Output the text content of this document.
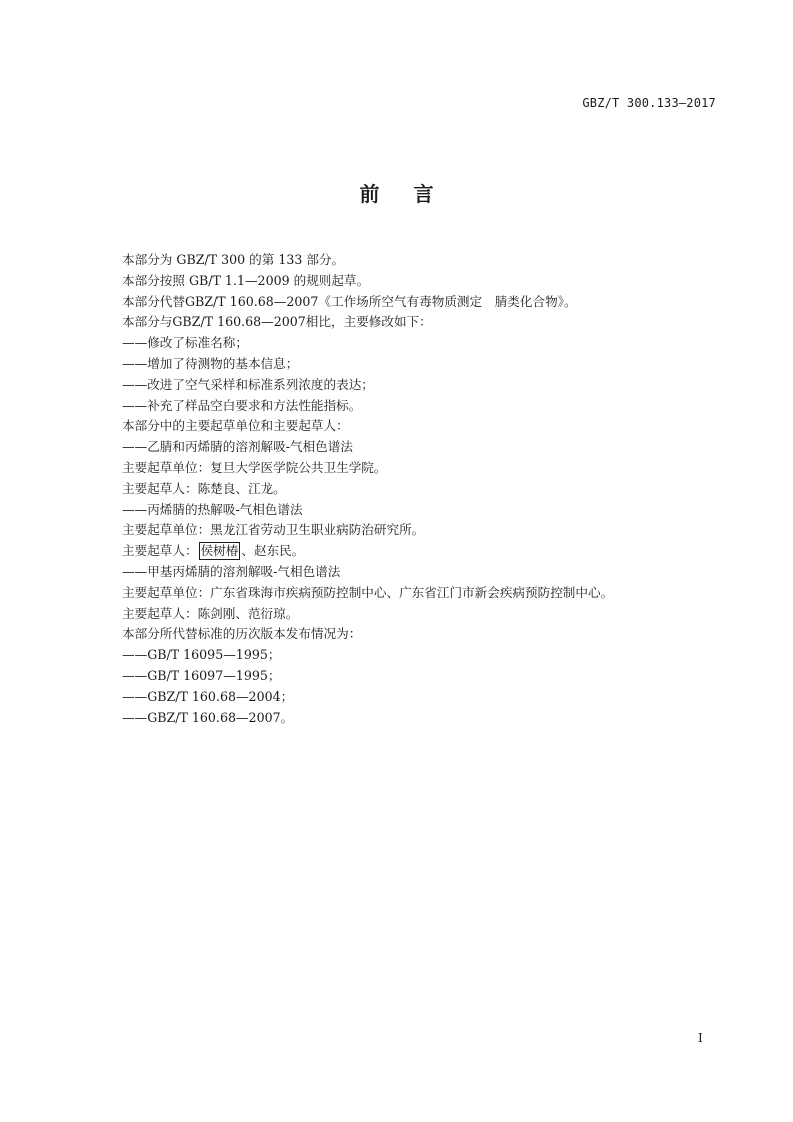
GBZ/T 300.133—2017
前言
本部分为 GBZ/T 300 的第 133 部分。
本部分按照 GB/T 1.1—2009 的规则起草。
本部分代替GBZ/T 160.68—2007《工作场所空气有毒物质测定　腈类化合物》。
本部分与GBZ/T 160.68—2007相比，主要修改如下：
——修改了标准名称；
——增加了待测物的基本信息；
——改进了空气采样和标准系列浓度的表达；
——补充了样品空白要求和方法性能指标。
本部分中的主要起草单位和主要起草人：
——乙腈和丙烯腈的溶剂解吸-气相色谱法
主要起草单位：复旦大学医学院公共卫生学院。
主要起草人：陈楚良、江龙。
——丙烯腈的热解吸-气相色谱法
主要起草单位：黑龙江省劳动卫生职业病防治研究所。
主要起草人： 侯树椿 、赵东民。
——甲基丙烯腈的溶剂解吸-气相色谱法
主要起草单位：广东省珠海市疾病预防控制中心、广东省江门市新会疾病预防控制中心。
主要起草人：陈剑刚、范衍琼。
本部分所代替标准的历次版本发布情况为：
——GB/T 16095—1995；
——GB/T 16097—1995；
——GBZ/T 160.68—2004；
——GBZ/T 160.68—2007。
I
